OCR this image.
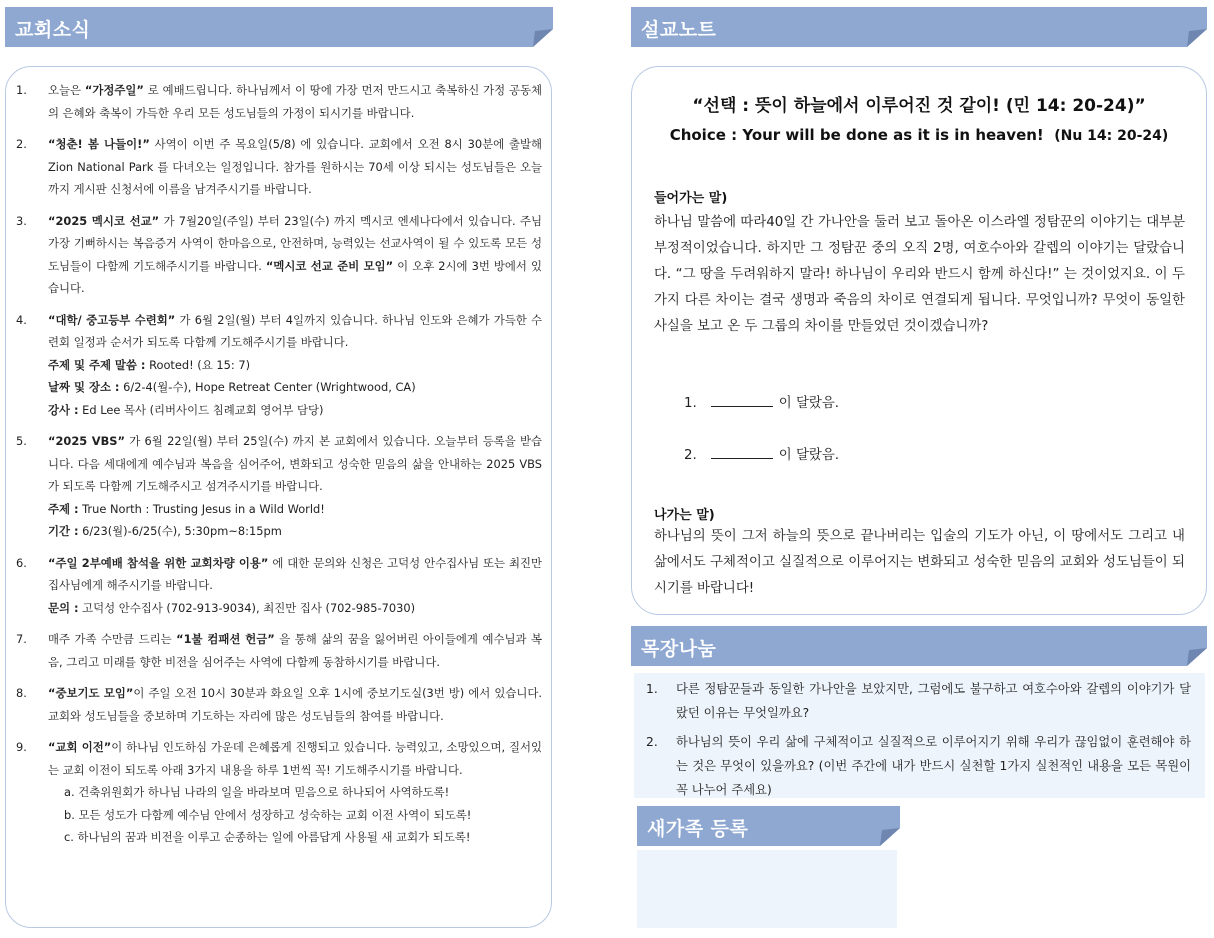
교회소식
1. 오늘은 “가정주일” 로 예배드립니다. 하나님께서 이 땅에 가장 먼저 만드시고 축복하신 가정 공동체의 은혜와 축복이 가득한 우리 모든 성도님들의 가정이 되시기를 바랍니다.
2. “청춘! 봄 나들이!” 사역이 이번 주 목요일(5/8) 에 있습니다. 교회에서 오전 8시 30분에 출발해 Zion National Park 를 다녀오는 일정입니다. 참가를 원하시는 70세 이상 되시는 성도님들은 오늘까지 게시판 신청서에 이름을 남겨주시기를 바랍니다.
3. “2025 멕시코 선교” 가 7월20일(주일) 부터 23일(수) 까지 멕시코 엔세나다에서 있습니다. 주님 가장 기뻐하시는 복음증거 사역이 한마음으로, 안전하며, 능력있는 선교사역이 될 수 있도록 모든 성도님들이 다함께 기도해주시기를 바랍니다. “멕시코 선교 준비 모임” 이 오후 2시에 3번 방에서 있습니다.
4. “대학/ 중고등부 수련회” 가 6월 2일(월) 부터 4일까지 있습니다. 하나님 인도와 은혜가 가득한 수련회 일정과 순서가 되도록 다함께 기도해주시기를 바랍니다.
주제 및 주제 말씀 : Rooted! (요 15: 7)
날짜 및 장소 : 6/2-4(월-수), Hope Retreat Center (Wrightwood, CA)
강사 : Ed Lee 목사 (리버사이드 침례교회 영어부 담당)
5. “2025 VBS” 가 6월 22일(월) 부터 25일(수) 까지 본 교회에서 있습니다. 오늘부터 등록을 받습니다. 다음 세대에게 예수님과 복음을 심어주어, 변화되고 성숙한 믿음의 삶을 안내하는 2025 VBS 가 되도록 다함께 기도해주시고 섬겨주시기를 바랍니다.
주제 : True North : Trusting Jesus in a Wild World!
기간 : 6/23(월)-6/25(수), 5:30pm~8:15pm
6. “주일 2부예배 참석을 위한 교회차량 이용” 에 대한 문의와 신청은 고덕성 안수집사님 또는 최진만 집사님에게 해주시기를 바랍니다.
문의 : 고덕성 안수집사 (702-913-9034), 최진만 집사 (702-985-7030)
7. 매주 가족 수만큼 드리는 “1불 컴패션 헌금” 을 통해 삶의 꿈을 잃어버린 아이들에게 예수님과 복음, 그리고 미래를 향한 비전을 심어주는 사역에 다함께 동참하시기를 바랍니다.
8. “중보기도 모임”이 주일 오전 10시 30분과 화요일 오후 1시에 중보기도실(3번 방) 에서 있습니다. 교회와 성도님들을 중보하며 기도하는 자리에 많은 성도님들의 참여를 바랍니다.
9. “교회 이전”이 하나님 인도하심 가운데 은혜롭게 진행되고 있습니다. 능력있고, 소망있으며, 질서있는 교회 이전이 되도록 아래 3가지 내용을 하루 1번씩 꼭! 기도해주시기를 바랍니다.
a. 건축위원회가 하나님 나라의 일을 바라보며 믿음으로 하나되어 사역하도록!
b. 모든 성도가 다함께 예수님 안에서 성장하고 성숙하는 교회 이전 사역이 되도록!
c. 하나님의 꿈과 비전을 이루고 순종하는 일에 아름답게 사용될 새 교회가 되도록!
설교노트
“선택 : 뜻이 하늘에서 이루어진 것 같이! (민 14: 20-24)”
Choice : Your will be done as it is in heaven! (Nu 14: 20-24)
들어가는 말)
하나님 말씀에 따라40일 간 가나안을 둘러 보고 돌아온 이스라엘 정탐꾼의 이야기는 대부분 부정적이었습니다. 하지만 그 정탐꾼 중의 오직 2명, 여호수아와 갈렙의 이야기는 달랐습니다. “그 땅을 두려워하지 말라! 하나님이 우리와 반드시 함께 하신다!” 는 것이었지요. 이 두가지 다른 차이는 결국 생명과 죽음의 차이로 연결되게 됩니다. 무엇입니까? 무엇이 동일한 사실을 보고 온 두 그룹의 차이를 만들었던 것이겠습니까?
1.	이 달랐음.
2.	이 달랐음.
나가는 말)
하나님의 뜻이 그저 하늘의 뜻으로 끝나버리는 입술의 기도가 아닌, 이 땅에서도 그리고 내 삶에서도 구체적이고 실질적으로 이루어지는 변화되고 성숙한 믿음의 교회와 성도님들이 되시기를 바랍니다!
목장나눔
1. 다른 정탐꾼들과 동일한 가나안을 보았지만, 그럼에도 불구하고 여호수아와 갈렙의 이야기가 달랐던 이유는 무엇일까요?
2. 하나님의 뜻이 우리 삶에 구체적이고 실질적으로 이루어지기 위해 우리가 끊임없이 훈련해야 하는 것은 무엇이 있을까요? (이번 주간에 내가 반드시 실천할 1가지 실천적인 내용을 모든 목원이 꼭 나누어 주세요)
새가족 등록
